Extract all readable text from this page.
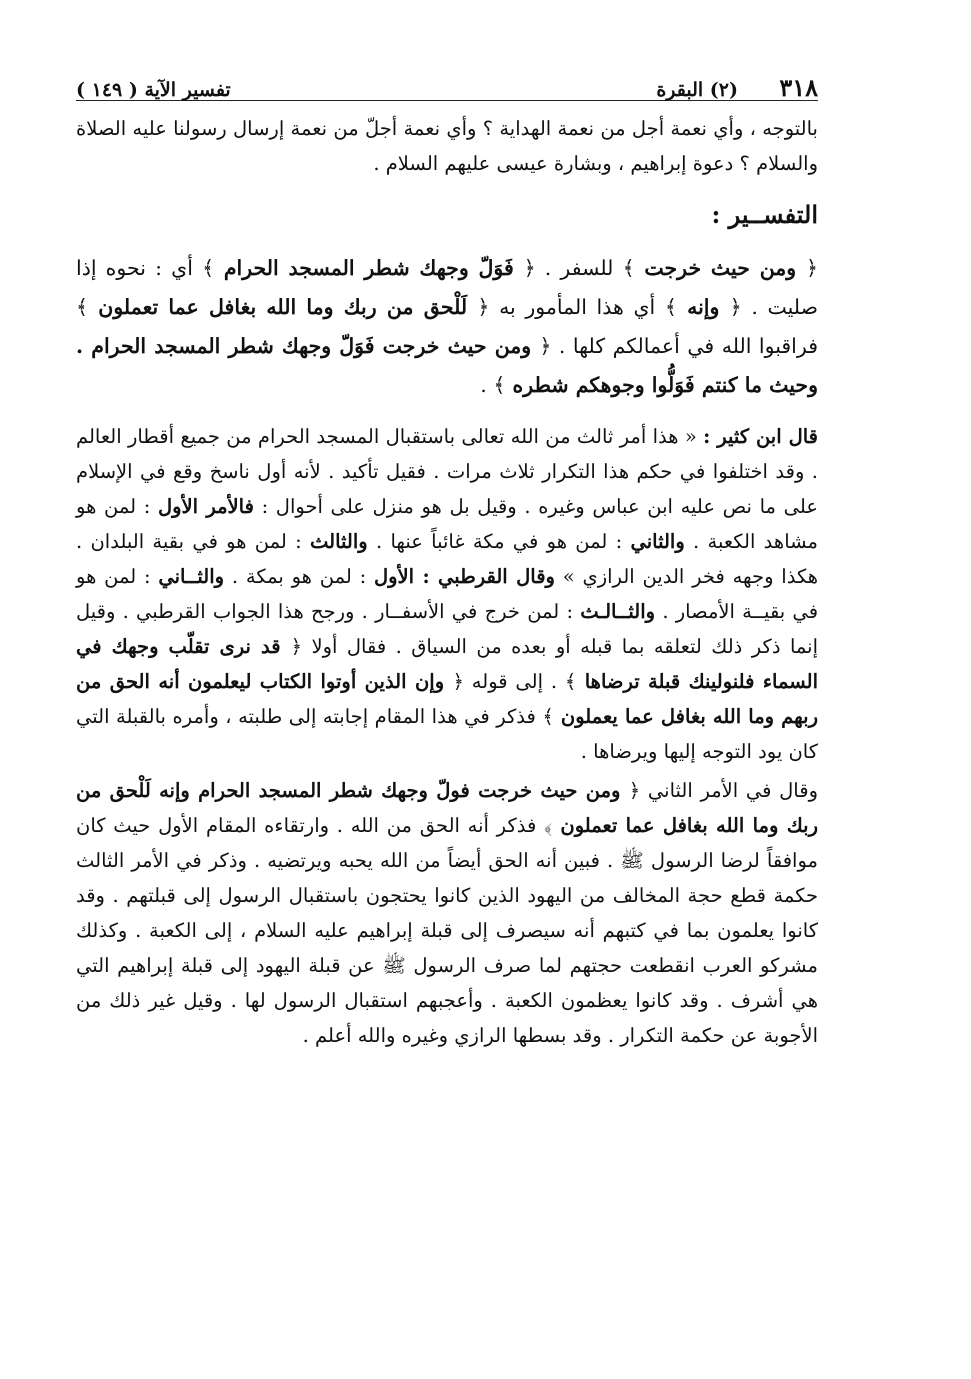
٣١٨
(٢) البقرة
تفسير الآية ( ١٤٩ )

بالتوجه ، وأي نعمة أجل من نعمة الهداية ؟ وأي نعمة أجلّ من نعمة إرسال رسولنا عليه الصلاة والسلام ؟ دعوة إبراهيم ، وبشارة عيسى عليهم السلام .

التفســير :

﴿ ومن حيث خرجت ﴾ للسفر . ﴿ فَوَلّ وجهك شطر المسجد الحرام ﴾ أي : نحوه إذا صليت . ﴿ وإنه ﴾ أي هذا المأمور به ﴿ لَلْحق من ربك وما الله بغافل عما تعملون ﴾ فراقبوا الله في أعمالكم كلها . ﴿ ومن حيث خرجت فَوَلّ وجهك شطر المسجد الحرام . وحيث ما كنتم فَوَلُّوا وجوهكم شطره ﴾ .

قال ابن كثير : « هذا أمر ثالث من الله تعالى باستقبال المسجد الحرام من جميع أقطار العالم . وقد اختلفوا في حكم هذا التكرار ثلاث مرات . فقيل تأكيد . لأنه أول ناسخ وقع في الإسلام على ما نص عليه ابن عباس وغيره . وقيل بل هو منزل على أحوال : فالأمر الأول : لمن هو مشاهد الكعبة . والثاني : لمن هو في مكة غائباً عنها . والثالث : لمن هو في بقية البلدان . هكذا وجهه فخر الدين الرازي » وقال القرطبي : الأول : لمن هو بمكة . والثــاني : لمن هو في بقيــة الأمصار . والثــالـث : لمن خرج في الأسفــار . ورجح هذا الجواب القرطبي . وقيل إنما ذكر ذلك لتعلقه بما قبله أو بعده من السياق . فقال أولا ﴿ قد نرى تقلّب وجهك في السماء فلنولينك قبلة ترضاها ﴾ . إلى قوله ﴿ وإن الذين أوتوا الكتاب ليعلمون أنه الحق من ربهم وما الله بغافل عما يعملون ﴾ فذكر في هذا المقام إجابته إلى طلبته ، وأمره بالقبلة التي كان يود التوجه إليها ويرضاها .

وقال في الأمر الثاني ﴿ ومن حيث خرجت فولّ وجهك شطر المسجد الحرام وإنه لَلْحق من ربك وما الله بغافل عما تعملون ﴾ فذكر أنه الحق من الله . وارتقاءه المقام الأول حيث كان موافقاً لرضا الرسول ﷺ . فبين أنه الحق أيضاً من الله يحبه ويرتضيه . وذكر في الأمر الثالث حكمة قطع حجة المخالف من اليهود الذين كانوا يحتجون باستقبال الرسول إلى قبلتهم . وقد كانوا يعلمون بما في كتبهم أنه سيصرف إلى قبلة إبراهيم عليه السلام ، إلى الكعبة . وكذلك مشركو العرب انقطعت حجتهم لما صرف الرسول ﷺ عن قبلة اليهود إلى قبلة إبراهيم التي هي أشرف . وقد كانوا يعظمون الكعبة . وأعجبهم استقبال الرسول لها . وقيل غير ذلك من الأجوبة عن حكمة التكرار . وقد بسطها الرازي وغيره والله أعلم .
